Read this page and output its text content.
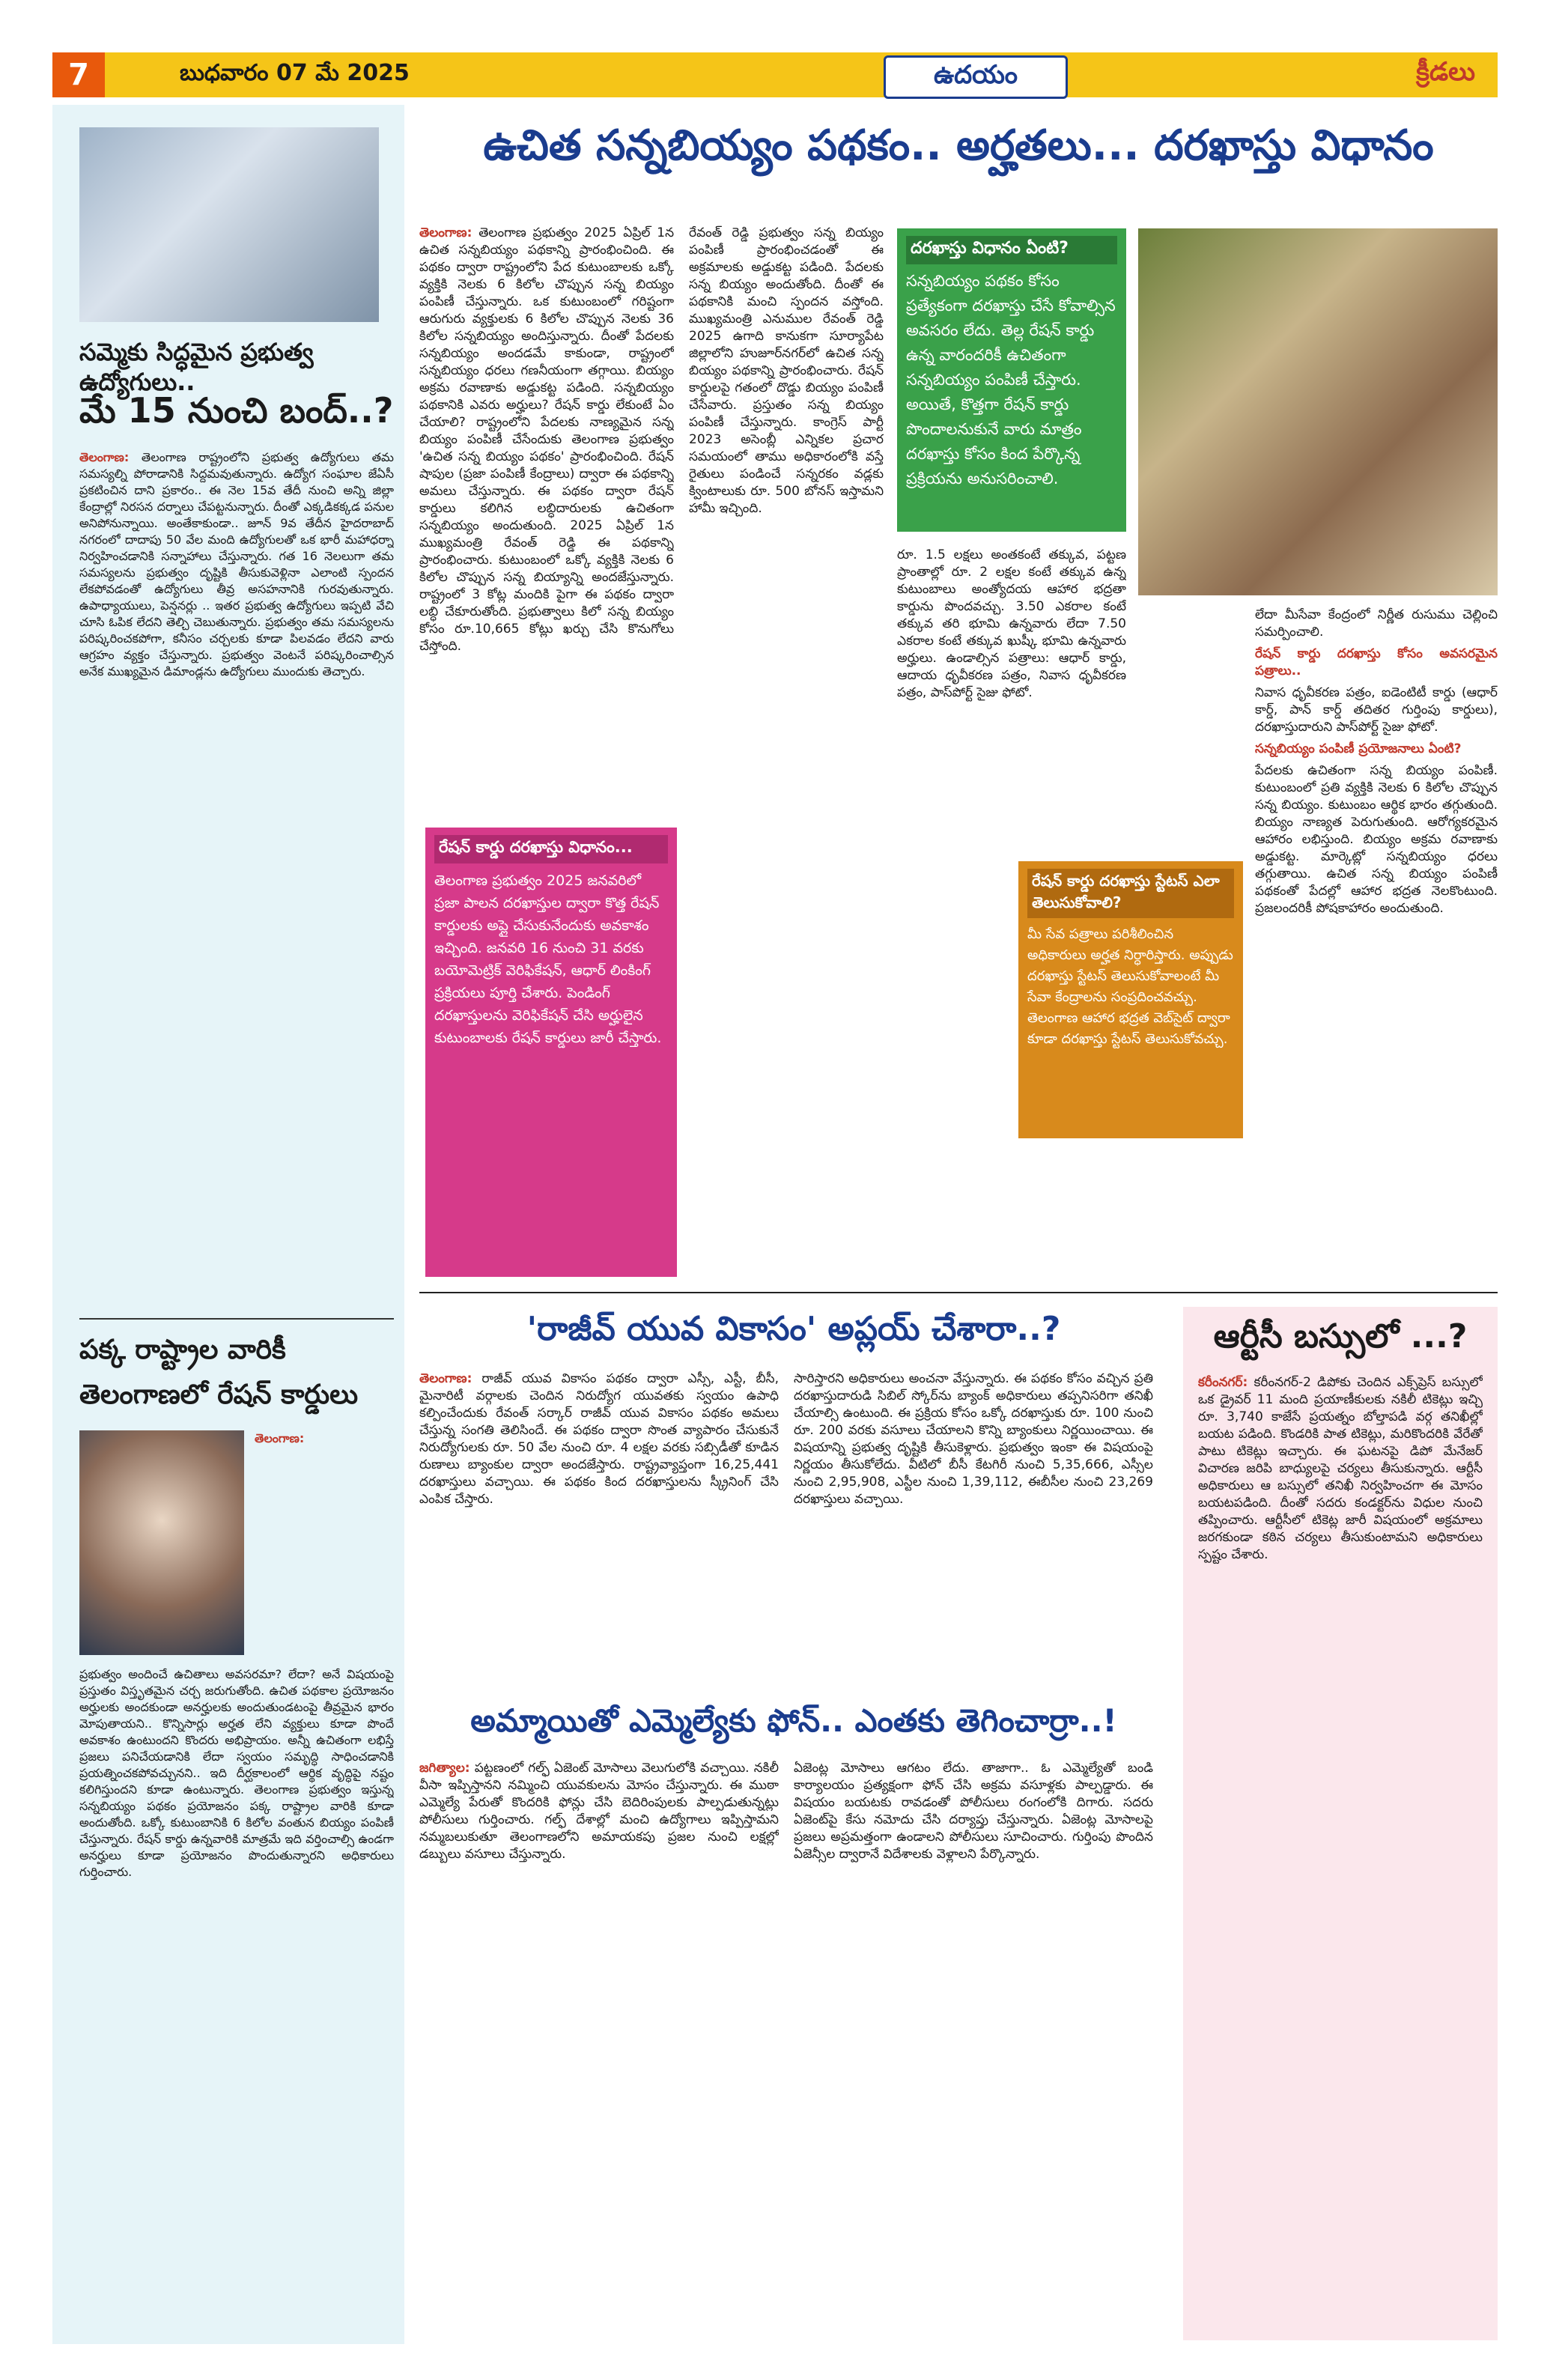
7	బుధవారం 07 మే 2025	ఉదయం	క్రీడలు
సమ్మెకు సిద్ధమైన ప్రభుత్వ ఉద్యోగులు..
మే 15 నుంచి బంద్..?
తెలంగాణ: తెలంగాణ రాష్ట్రంలోని ప్రభుత్వ ఉద్యోగులు తమ సమస్యల్ని పోరాడానికి సిద్దమవుతున్నారు. ఉద్యోగ సంఘాల జేఏసీ ప్రకటించిన దాని ప్రకారం.. ఈ నెల 15వ తేదీ నుంచి అన్ని జిల్లా కేంద్రాల్లో నిరసన దర్నాలు చేపట్టనున్నారు. దీంతో ఎక్కడికక్కడ పనుల అనిపోనున్నాయి. అంతేకాకుండా.. జూన్ 9వ తేదీన హైదరాబాద్ నగరంలో దాదాపు 50 వేల మంది ఉద్యోగులతో ఒక భారీ మహాధర్నా నిర్వహించడానికి సన్నాహాలు చేస్తున్నారు. గత 16 నెలలుగా తమ సమస్యలను ప్రభుత్వం దృష్టికి తీసుకువెళ్లినా ఎలాంటి స్పందన లేకపోవడంతో ఉద్యోగులు తీవ్ర అసహనానికి గురవుతున్నారు. ఉపాధ్యాయులు, పెన్షనర్లు .. ఇతర ప్రభుత్వ ఉద్యోగులు ఇప్పటి వేచి చూసి ఓపిక లేదని తెల్చి చెబుతున్నారు. ప్రభుత్వం తమ సమస్యలను పరిష్కరించకపోగా, కనీసం చర్చలకు కూడా పిలవడం లేదని వారు ఆగ్రహం వ్యక్తం చేస్తున్నారు. ప్రభుత్వం వెంటనే పరిష్కరించాల్సిన అనేక ముఖ్యమైన డిమాండ్లను ఉద్యోగులు ముందుకు తెచ్చారు.
పక్క రాష్ట్రాల వారికీ
తెలంగాణలో రేషన్ కార్డులు
తెలంగాణ:
ప్రభుత్వం అందించే ఉచితాలు అవసరమా? లేదా? అనే విషయంపై ప్రస్తుతం విస్తృతమైన చర్చ జరుగుతోంది. ఉచిత పథకాల ప్రయోజనం అర్హులకు అందకుండా అనర్హులకు అందుతుండటంపై తీవ్రమైన భారం మోపుతాయని.. కొన్నిసార్లు అర్హత లేని వ్యక్తులు కూడా పొందే అవకాశం ఉంటుందని కొందరు అభిప్రాయం. అన్నీ ఉచితంగా లభిస్తే ప్రజలు పనిచేయడానికి లేదా స్వయం సమృద్ధి సాధించడానికి ప్రయత్నించకపోవచ్చునని.. ఇది దీర్ఘకాలంలో ఆర్థిక వృద్ధిపై నష్టం కలిగిస్తుందని కూడా ఉంటున్నారు. తెలంగాణ ప్రభుత్వం ఇస్తున్న సన్నబియ్యం పథకం ప్రయోజనం పక్క రాష్ట్రాల వారికి కూడా అందుతోంది. ఒక్కో కుటుంబానికి 6 కిలోల వంతున బియ్యం పంపిణీ చేస్తున్నారు. రేషన్ కార్డు ఉన్నవారికి మాత్రమే ఇది వర్తించాల్సి ఉండగా అనర్హులు కూడా ప్రయోజనం పొందుతున్నారని అధికారులు గుర్తించారు.
ఉచిత సన్నబియ్యం పథకం.. అర్హతలు... దరఖాస్తు విధానం
తెలంగాణ: తెలంగాణ ప్రభుత్వం 2025 ఏప్రిల్ 1న ఉచిత సన్నబియ్యం పథకాన్ని ప్రారంభించింది. ఈ పథకం ద్వారా రాష్ట్రంలోని పేద కుటుంబాలకు ఒక్కో వ్యక్తికి నెలకు 6 కిలోల చొప్పున సన్న బియ్యం పంపిణీ చేస్తున్నారు. ఒక కుటుంబంలో గరిష్టంగా ఆరుగురు వ్యక్తులకు 6 కిలోల చొప్పున నెలకు 36 కిలోల సన్నబియ్యం అందిస్తున్నారు. దీంతో పేదలకు సన్నబియ్యం అందడమే కాకుండా, రాష్ట్రంలో సన్నబియ్యం ధరలు గణనీయంగా తగ్గాయి. బియ్యం అక్రమ రవాణాకు అడ్డుకట్ట పడింది. సన్నబియ్యం పథకానికి ఎవరు అర్హులు? రేషన్ కార్డు లేకుంటే ఏం చేయాలి? రాష్ట్రంలోని పేదలకు నాణ్యమైన సన్న బియ్యం పంపిణీ చేసేందుకు తెలంగాణ ప్రభుత్వం 'ఉచిత సన్న బియ్యం పథకం' ప్రారంభించింది. రేషన్ షాపుల (ప్రజా పంపిణీ కేంద్రాలు) ద్వారా ఈ పథకాన్ని అమలు చేస్తున్నారు. ఈ పథకం ద్వారా రేషన్ కార్డులు కలిగిన లబ్ధిదారులకు ఉచితంగా సన్నబియ్యం అందుతుంది. 2025 ఏప్రిల్ 1న ముఖ్యమంత్రి రేవంత్ రెడ్డి ఈ పథకాన్ని ప్రారంభించారు. కుటుంబంలో ఒక్కో వ్యక్తికి నెలకు 6 కిలోల చొప్పున సన్న బియ్యాన్ని అందజేస్తున్నారు. రాష్ట్రంలో 3 కోట్ల మందికి పైగా ఈ పథకం ద్వారా లబ్ధి చేకూరుతోంది. ప్రభుత్వాలు కిలో సన్న బియ్యం కోసం రూ.10,665 కోట్లు ఖర్చు చేసి కొనుగోలు చేస్తోంది.
రేవంత్ రెడ్డి ప్రభుత్వం సన్న బియ్యం పంపిణీ ప్రారంభించడంతో ఈ అక్రమాలకు అడ్డుకట్ట పడింది. పేదలకు సన్న బియ్యం అందుతోంది. దీంతో ఈ పథకానికి మంచి స్పందన వస్తోంది. ముఖ్యమంత్రి ఎనుముల రేవంత్ రెడ్డి 2025 ఉగాది కానుకగా సూర్యాపేట జిల్లాలోని హుజూర్‌నగర్‌లో ఉచిత సన్న బియ్యం పథకాన్ని ప్రారంభించారు. రేషన్ కార్డులపై గతంలో దొడ్డు బియ్యం పంపిణీ చేసేవారు. ప్రస్తుతం సన్న బియ్యం పంపిణీ చేస్తున్నారు. కాంగ్రెస్ పార్టీ 2023 అసెంబ్లీ ఎన్నికల ప్రచార సమయంలో తాము అధికారంలోకి వస్తే రైతులు పండించే సన్నరకం వడ్లకు క్వింటాలుకు రూ. 500 బోనస్ ఇస్తామని హామీ ఇచ్చింది.
దరఖాస్తు విధానం ఏంటి?
సన్నబియ్యం పథకం కోసం ప్రత్యేకంగా దరఖాస్తు చేసే కోవాల్సిన అవసరం లేదు. తెల్ల రేషన్ కార్డు ఉన్న వారందరికీ ఉచితంగా సన్నబియ్యం పంపిణీ చేస్తారు. అయితే, కొత్తగా రేషన్ కార్డు పొందాలనుకునే వారు మాత్రం దరఖాస్తు కోసం కింద పేర్కొన్న ప్రక్రియను అనుసరించాలి.
రేషన్ కార్డు దరఖాస్తు విధానం...
తెలంగాణ ప్రభుత్వం 2025 జనవరిలో ప్రజా పాలన దరఖాస్తుల ద్వారా కొత్త రేషన్ కార్డులకు అప్లై చేసుకునేందుకు అవకాశం ఇచ్చింది. జనవరి 16 నుంచి 31 వరకు బయోమెట్రిక్ వెరిఫికేషన్, ఆధార్ లింకింగ్ ప్రక్రియలు పూర్తి చేశారు. పెండింగ్ దరఖాస్తులను వెరిఫికేషన్ చేసి అర్హులైన కుటుంబాలకు రేషన్ కార్డులు జారీ చేస్తారు.
రూ. 1.5 లక్షలు అంతకంటే తక్కువ, పట్టణ ప్రాంతాల్లో రూ. 2 లక్షల కంటే తక్కువ ఉన్న కుటుంబాలు అంత్యోదయ ఆహార భద్రతా కార్డును పొందవచ్చు. 3.50 ఎకరాల కంటే తక్కువ తరి భూమి ఉన్నవారు లేదా 7.50 ఎకరాల కంటే తక్కువ ఖుష్కీ భూమి ఉన్నవారు అర్హులు. ఉండాల్సిన పత్రాలు: ఆధార్ కార్డు, ఆదాయ ధృవీకరణ పత్రం, నివాస ధృవీకరణ పత్రం, పాస్‌పోర్ట్ సైజు ఫోటో.
రేషన్ కార్డు దరఖాస్తు స్టేటస్ ఎలా తెలుసుకోవాలి?
మీ సేవ పత్రాలు పరిశీలించిన అధికారులు అర్హత నిర్ధారిస్తారు. అప్పుడు దరఖాస్తు స్టేటస్ తెలుసుకోవాలంటే మీ సేవా కేంద్రాలను సంప్రదించవచ్చు. తెలంగాణ ఆహార భద్రత వెబ్‌సైట్ ద్వారా కూడా దరఖాస్తు స్టేటస్ తెలుసుకోవచ్చు.

లేదా మీసేవా కేంద్రంలో నిర్ణీత రుసుము చెల్లించి సమర్పించాలి.

రేషన్ కార్డు దరఖాస్తు కోసం అవసరమైన పత్రాలు..

నివాస ధృవీకరణ పత్రం, ఐడెంటిటీ కార్డు (ఆధార్ కార్డ్, పాన్ కార్డ్ తదితర గుర్తింపు కార్డులు), దరఖాస్తుదారుని పాస్‌పోర్ట్ సైజు ఫోటో.

సన్నబియ్యం పంపిణీ ప్రయోజనాలు ఏంటి?

పేదలకు ఉచితంగా సన్న బియ్యం పంపిణీ. కుటుంబంలో ప్రతి వ్యక్తికి నెలకు 6 కిలోల చొప్పున సన్న బియ్యం. కుటుంబం ఆర్థిక భారం తగ్గుతుంది. బియ్యం నాణ్యత పెరుగుతుంది. ఆరోగ్యకరమైన ఆహారం లభిస్తుంది. బియ్యం అక్రమ రవాణాకు అడ్డుకట్ట. మార్కెట్లో సన్నబియ్యం ధరలు తగ్గుతాయి. ఉచిత సన్న బియ్యం పంపిణీ పథకంతో పేదల్లో ఆహార భద్రత నెలకొంటుంది. ప్రజలందరికీ పోషకాహారం అందుతుంది.

'రాజీవ్ యువ వికాసం' అప్లయ్ చేశారా..?
తెలంగాణ: రాజీవ్ యువ వికాసం పథకం ద్వారా ఎస్సీ, ఎస్టీ, బీసీ, మైనారిటీ వర్గాలకు చెందిన నిరుద్యోగ యువతకు స్వయం ఉపాధి కల్పించేందుకు రేవంత్ సర్కార్ రాజీవ్ యువ వికాసం పథకం అమలు చేస్తున్న సంగతి తెలిసిందే. ఈ పథకం ద్వారా సొంత వ్యాపారం చేసుకునే నిరుద్యోగులకు రూ. 50 వేల నుంచి రూ. 4 లక్షల వరకు సబ్సిడీతో కూడిన రుణాలు బ్యాంకుల ద్వారా అందజేస్తారు. రాష్ట్రవ్యాప్తంగా 16,25,441 దరఖాస్తులు వచ్చాయి. ఈ పథకం కింద దరఖాస్తులను స్క్రీనింగ్ చేసి ఎంపిక చేస్తారు.
సారిస్తారని అధికారులు అంచనా వేస్తున్నారు. ఈ పథకం కోసం వచ్చిన ప్రతి దరఖాస్తుదారుడి సిబిల్ స్కోర్‌ను బ్యాంక్ అధికారులు తప్పనిసరిగా తనిఖీ చేయాల్సి ఉంటుంది. ఈ ప్రక్రియ కోసం ఒక్కో దరఖాస్తుకు రూ. 100 నుంచి రూ. 200 వరకు వసూలు చేయాలని కొన్ని బ్యాంకులు నిర్ణయించాయి. ఈ విషయాన్ని ప్రభుత్వ దృష్టికి తీసుకెళ్లారు. ప్రభుత్వం ఇంకా ఈ విషయంపై నిర్ణయం తీసుకోలేదు. వీటిలో బీసీ కేటగిరీ నుంచి 5,35,666, ఎస్సీల నుంచి 2,95,908, ఎస్టీల నుంచి 1,39,112, ఈబీసీల నుంచి 23,269 దరఖాస్తులు వచ్చాయి.
ఆర్టీసీ బస్సులో ...?
కరీంనగర్: కరీంనగర్-2 డిపోకు చెందిన ఎక్స్‌ప్రెస్ బస్సులో ఒక డ్రైవర్ 11 మంది ప్రయాణీకులకు నకిలీ టికెట్లు ఇచ్చి రూ. 3,740 కాజేసే ప్రయత్నం బోల్తాపడి వర్గ తనిఖీల్లో బయట పడింది. కొండరికి పాత టికెట్లు, మరికొందరికి వేరేతో పాటు టికెట్లు ఇచ్చారు. ఈ ఘటనపై డిపో మేనేజర్ విచారణ జరిపి బాధ్యులపై చర్యలు తీసుకున్నారు. ఆర్టీసీ అధికారులు ఆ బస్సులో తనిఖీ నిర్వహించగా ఈ మోసం బయటపడింది. దీంతో సదరు కండక్టర్‌ను విధుల నుంచి తప్పించారు. ఆర్టీసీలో టికెట్ల జారీ విషయంలో అక్రమాలు జరగకుండా కఠిన చర్యలు తీసుకుంటామని అధికారులు స్పష్టం చేశారు.
అమ్మాయితో ఎమ్మెల్యేకు ఫోన్.. ఎంతకు తెగించార్రా..!
జగిత్యాల: పట్టణంలో గల్ఫ్ ఏజెంట్ మోసాలు వెలుగులోకి వచ్చాయి. నకిలీ వీసా ఇప్పిస్తానని నమ్మించి యువకులను మోసం చేస్తున్నారు. ఈ ముఠా ఎమ్మెల్యే పేరుతో కొందరికి ఫోన్లు చేసి బెదిరింపులకు పాల్పడుతున్నట్లు పోలీసులు గుర్తించారు. గల్ఫ్ దేశాల్లో మంచి ఉద్యోగాలు ఇప్పిస్తామని నమ్మబలుకుతూ తెలంగాణలోని అమాయకపు ప్రజల నుంచి లక్షల్లో డబ్బులు వసూలు చేస్తున్నారు.
ఏజెంట్ల మోసాలు ఆగటం లేదు. తాజాగా.. ఓ ఎమ్మెల్యేతో బండి కార్యాలయం ప్రత్యక్షంగా ఫోన్ చేసి అక్రమ వసూళ్లకు పాల్పడ్డారు. ఈ విషయం బయటకు రావడంతో పోలీసులు రంగంలోకి దిగారు. సదరు ఏజెంట్‌పై కేసు నమోదు చేసి దర్యాప్తు చేస్తున్నారు. ఏజెంట్ల మోసాలపై ప్రజలు అప్రమత్తంగా ఉండాలని పోలీసులు సూచించారు. గుర్తింపు పొందిన ఏజెన్సీల ద్వారానే విదేశాలకు వెళ్లాలని పేర్కొన్నారు.
